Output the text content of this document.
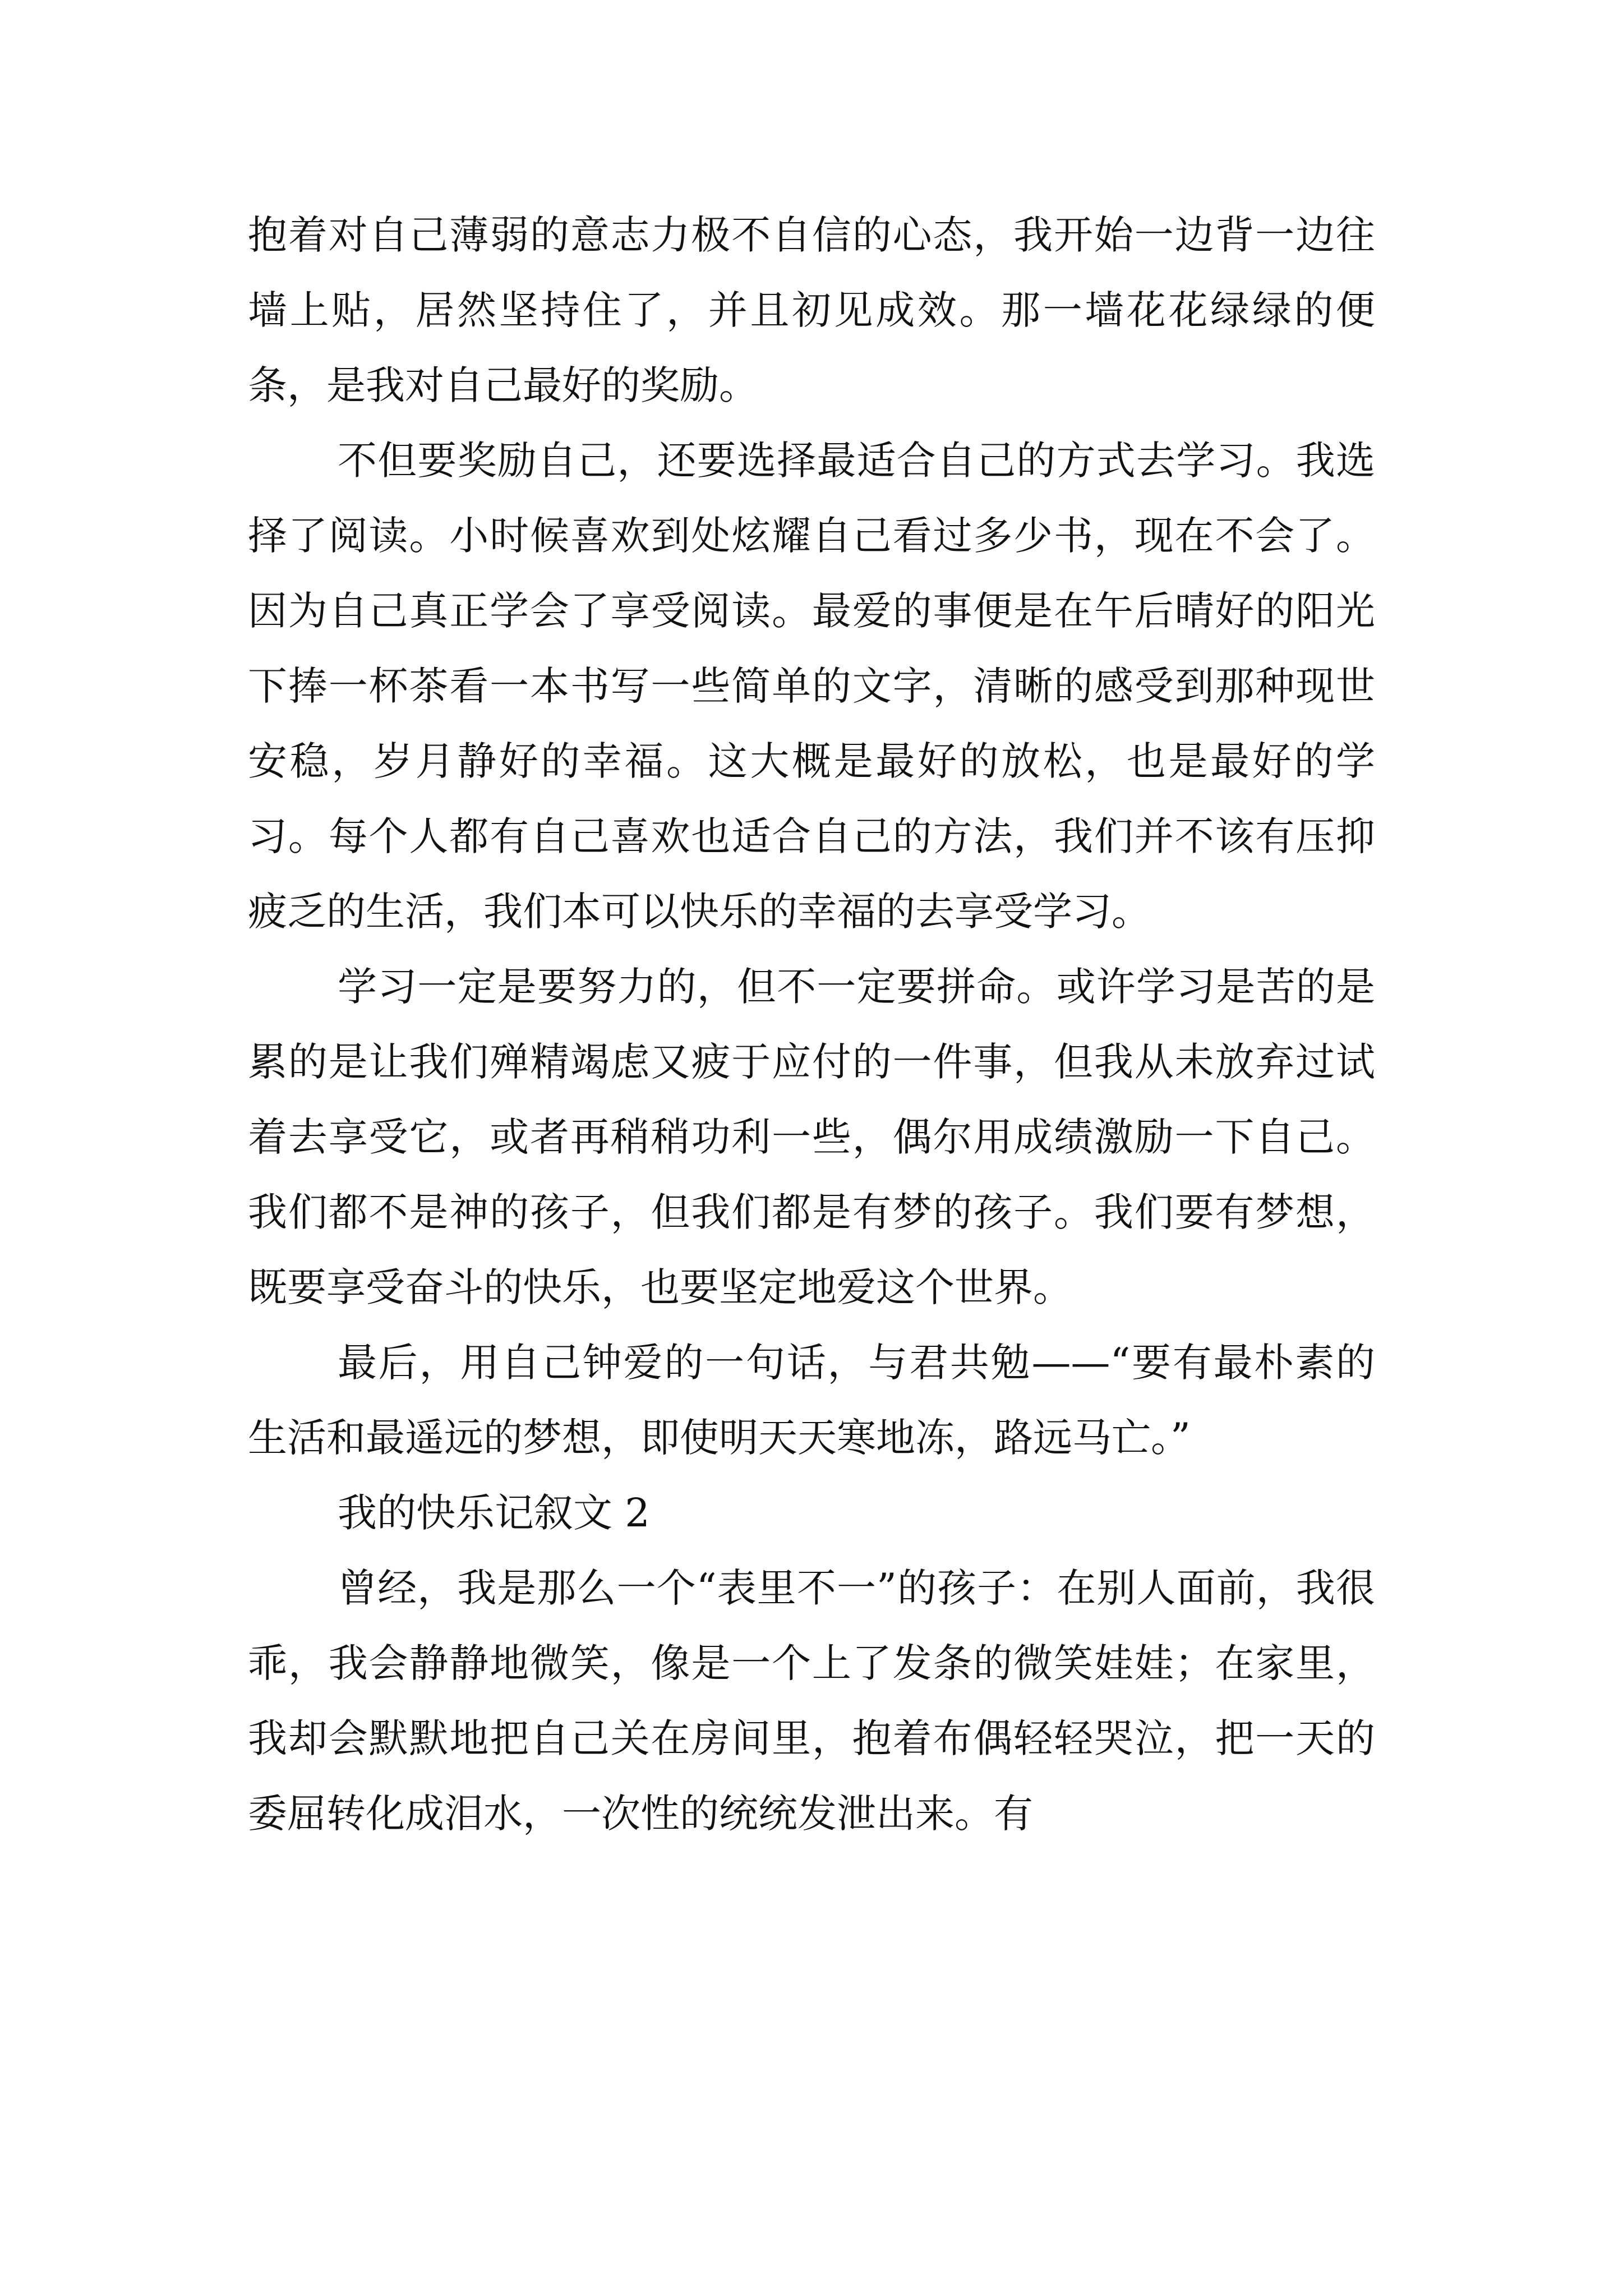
抱着对自己薄弱的意志力极不自信的心态，我开始一边背一边往墙上贴，居然坚持住了，并且初见成效。那一墙花花绿绿的便条，是我对自己最好的奖励。

不但要奖励自己，还要选择最适合自己的方式去学习。我选择了阅读。小时候喜欢到处炫耀自己看过多少书，现在不会了。因为自己真正学会了享受阅读。最爱的事便是在午后晴好的阳光下捧一杯茶看一本书写一些简单的文字，清晰的感受到那种现世安稳，岁月静好的幸福。这大概是最好的放松，也是最好的学习。每个人都有自己喜欢也适合自己的方法，我们并不该有压抑疲乏的生活，我们本可以快乐的幸福的去享受学习。

学习一定是要努力的，但不一定要拼命。或许学习是苦的是累的是让我们殚精竭虑又疲于应付的一件事，但我从未放弃过试着去享受它，或者再稍稍功利一些，偶尔用成绩激励一下自己。我们都不是神的孩子，但我们都是有梦的孩子。我们要有梦想，既要享受奋斗的快乐，也要坚定地爱这个世界。

最后，用自己钟爱的一句话，与君共勉——“要有最朴素的生活和最遥远的梦想，即使明天天寒地冻，路远马亡。”

我的快乐记叙文 2

曾经，我是那么一个“表里不一”的孩子：在别人面前，我很乖，我会静静地微笑，像是一个上了发条的微笑娃娃；在家里，我却会默默地把自己关在房间里，抱着布偶轻轻哭泣，把一天的委屈转化成泪水，一次性的统统发泄出来。有
